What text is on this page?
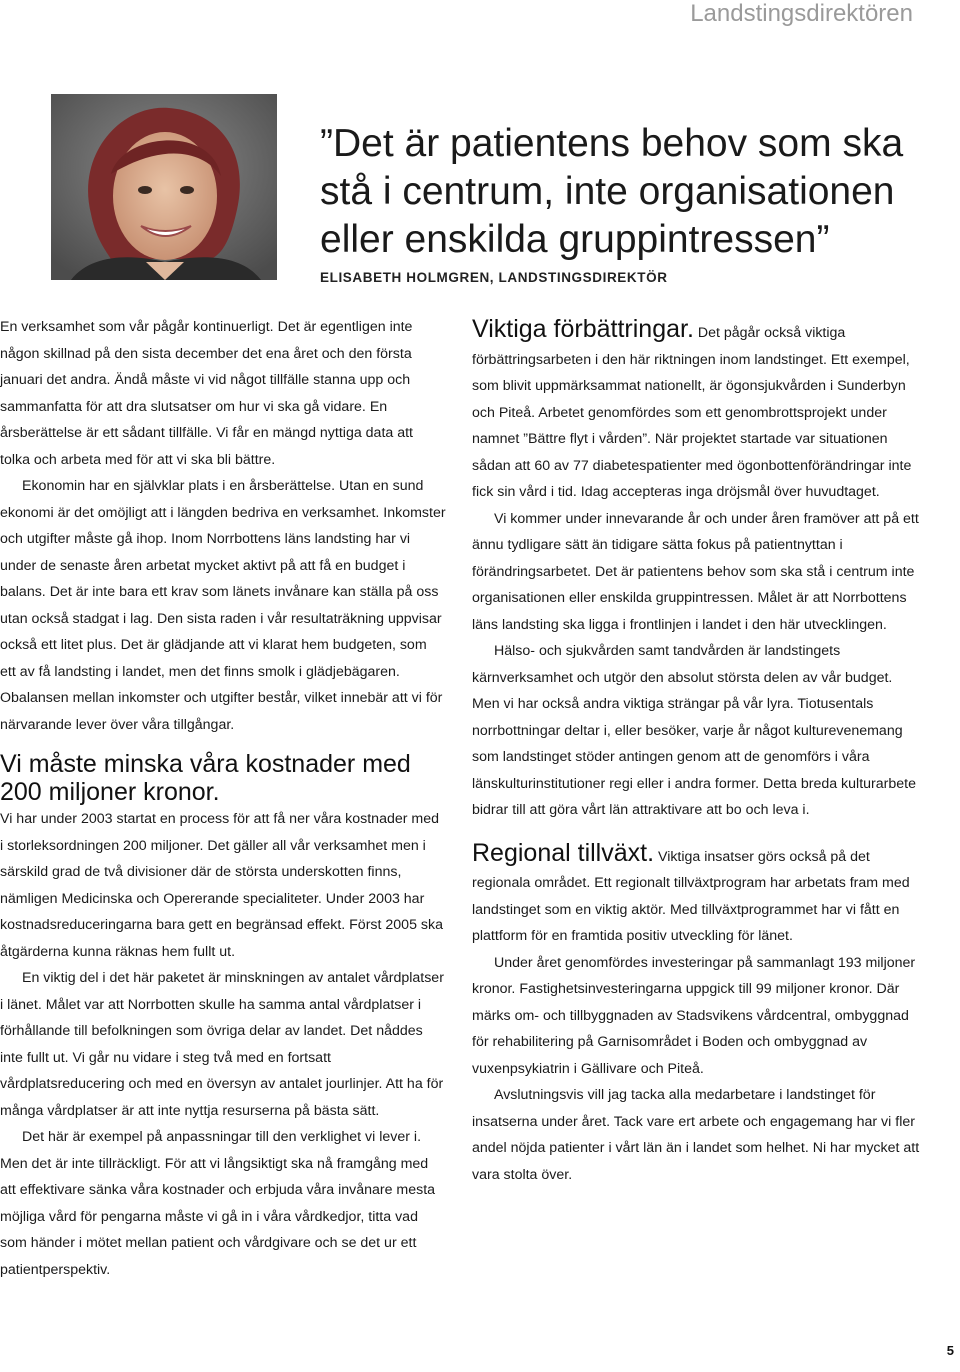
Landstingsdirektören
”Det är patientens behov som ska
stå i centrum, inte organisationen
eller enskilda gruppintressen”
ELISABETH HOLMGREN, LANDSTINGSDIREKTÖR

En verksamhet som vår pågår kontinuerligt. Det är egentligen inte någon skillnad på den sista december det ena året och den första januari det andra. Ändå måste vi vid något tillfälle stanna upp och sammanfatta för att dra slutsatser om hur vi ska gå vidare. En årsberättelse är ett sådant tillfälle. Vi får en mängd nyttiga data att tolka och arbeta med för att vi ska bli bättre.

Ekonomin har en självklar plats i en årsberättelse. Utan en sund ekonomi är det omöjligt att i längden bedriva en verksamhet. Inkomster och utgifter måste gå ihop. Inom Norrbottens läns landsting har vi under de senaste åren arbetat mycket aktivt på att få en budget i balans. Det är inte bara ett krav som länets invånare kan ställa på oss utan också stadgat i lag. Den sista raden i vår resultaträkning uppvisar också ett litet plus. Det är glädjande att vi klarat hem budgeten, som ett av få landsting i landet, men det finns smolk i glädjebägaren. Obalansen mellan inkomster och utgifter består, vilket innebär att vi för närvarande lever över våra tillgångar.

Vi måste minska våra kostnader med 200 miljoner kronor.

Vi har under 2003 startat en process för att få ner våra kostnader med i storleksordningen 200 miljoner. Det gäller all vår verksamhet men i särskild grad de två divisioner där de största underskotten finns, nämligen Medicinska och Opererande specialiteter. Under 2003 har kostnadsreduceringarna bara gett en begränsad effekt. Först 2005 ska åtgärderna kunna räknas hem fullt ut.

En viktig del i det här paketet är minskningen av antalet vårdplatser i länet. Målet var att Norrbotten skulle ha samma antal vårdplatser i förhållande till befolkningen som övriga delar av landet. Det nåddes inte fullt ut. Vi går nu vidare i steg två med en fortsatt vårdplatsreducering och med en översyn av antalet jourlinjer. Att ha för många vårdplatser är att inte nyttja resurserna på bästa sätt.

Det här är exempel på anpassningar till den verklighet vi lever i. Men det är inte tillräckligt. För att vi långsiktigt ska nå framgång med att effektivare sänka våra kostnader och erbjuda våra invånare mesta möjliga vård för pengarna måste vi gå in i våra vårdkedjor, titta vad som händer i mötet mellan patient och vårdgivare och se det ur ett patientperspektiv.

Viktiga förbättringar. Det pågår också viktiga förbättringsarbeten i den här riktningen inom landstinget. Ett exempel, som blivit uppmärksammat nationellt, är ögonsjukvården i Sunderbyn och Piteå. Arbetet genomfördes som ett genombrottsprojekt under namnet ”Bättre flyt i vården”. När projektet startade var situationen sådan att 60 av 77 diabetespatienter med ögonbottenförändringar inte fick sin vård i tid. Idag accepteras inga dröjsmål över huvudtaget.

Vi kommer under innevarande år och under åren framöver att på ett ännu tydligare sätt än tidigare sätta fokus på patientnyttan i förändringsarbetet. Det är patientens behov som ska stå i centrum inte organisationen eller enskilda gruppintressen. Målet är att Norrbottens läns landsting ska ligga i frontlinjen i landet i den här utvecklingen.

Hälso- och sjukvården samt tandvården är landstingets kärnverksamhet och utgör den absolut största delen av vår budget. Men vi har också andra viktiga strängar på vår lyra. Tiotusentals norrbottningar deltar i, eller besöker, varje år något kulturevenemang som landstinget stöder antingen genom att de genomförs i våra länskulturinstitutioner regi eller i andra former. Detta breda kulturarbete bidrar till att göra vårt län attraktivare att bo och leva i.

Regional tillväxt. Viktiga insatser görs också på det regionala området. Ett regionalt tillväxtprogram har arbetats fram med landstinget som en viktig aktör. Med tillväxtprogrammet har vi fått en plattform för en framtida positiv utveckling för länet.

Under året genomfördes investeringar på sammanlagt 193 miljoner kronor. Fastighetsinvesteringarna uppgick till 99 miljoner kronor. Där märks om- och tillbyggnaden av Stadsvikens vårdcentral, ombyggnad för rehabilitering på Garnisområdet i Boden och ombyggnad av vuxenpsykiatrin i Gällivare och Piteå.

Avslutningsvis vill jag tacka alla medarbetare i landstinget för insatserna under året. Tack vare ert arbete och engagemang har vi fler andel nöjda patienter i vårt län än i landet som helhet. Ni har mycket att vara stolta över.

5
